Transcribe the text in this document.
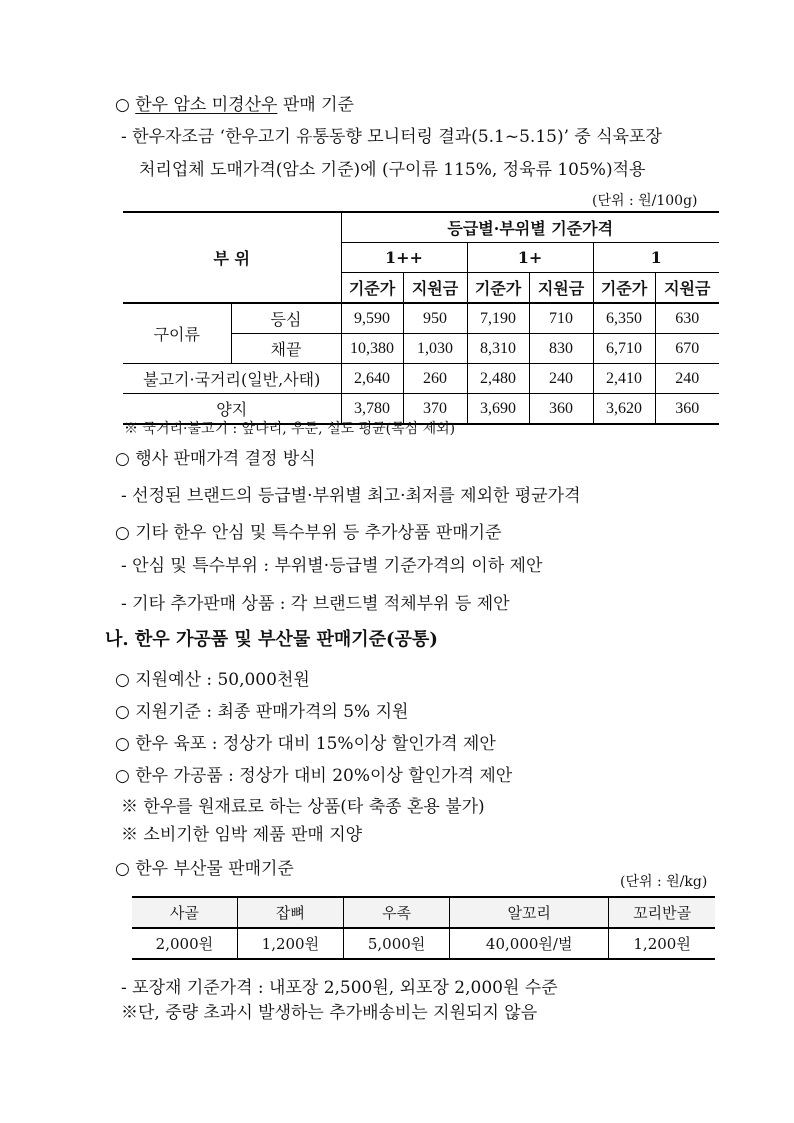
○ 한우 암소 미경산우 판매 기준
- 한우자조금 ‘한우고기 유통동향 모니터링 결과(5.1~5.15)’ 중 식육포장
처리업체 도매가격(암소 기준)에 (구이류 115%, 정육류 105%)적용
(단위 : 원/100g)
부 위		등급별·부위별 기준가격					
		1++		1+		1	
		기준가	지원금	기준가	지원금	기준가	지원금
구이류	등심	9,590	950	7,190	710	6,350	630
	채끝	10,380	1,030	8,310	830	6,710	670
불고기·국거리(일반,사태)		2,640	260	2,480	240	2,410	240
양지		3,780	370	3,690	360	3,620	360
※ 국거리·불고기 : 앞다리, 우둔, 설도 평균(목심 제외)
○ 행사 판매가격 결정 방식
- 선정된 브랜드의 등급별·부위별 최고·최저를 제외한 평균가격
○ 기타 한우 안심 및 특수부위 등 추가상품 판매기준
- 안심 및 특수부위 : 부위별·등급별 기준가격의 이하 제안
- 기타 추가판매 상품 : 각 브랜드별 적체부위 등 제안
나. 한우 가공품 및 부산물 판매기준(공통)
○ 지원예산 : 50,000천원
○ 지원기준 : 최종 판매가격의 5% 지원
○ 한우 육포 : 정상가 대비 15%이상 할인가격 제안
○ 한우 가공품 : 정상가 대비 20%이상 할인가격 제안
※ 한우를 원재료로 하는 상품(타 축종 혼용 불가)
※ 소비기한 임박 제품 판매 지양
○ 한우 부산물 판매기준
(단위 : 원/kg)
사골	잡뼈	우족	알꼬리	꼬리반골
2,000원	1,200원	5,000원	40,000원/벌	1,200원
- 포장재 기준가격 : 내포장 2,500원, 외포장 2,000원 수준
※단, 중량 초과시 발생하는 추가배송비는 지원되지 않음
